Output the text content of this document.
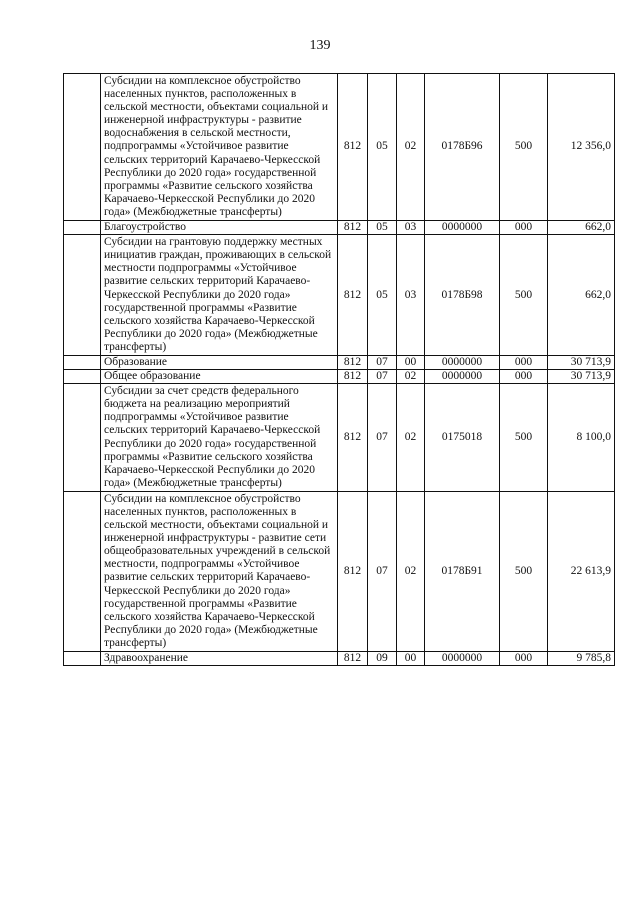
139
	Субсидии на комплексное обустройство населенных пунктов, расположенных в сельской местности, объектами социальной и инженерной инфраструктуры - развитие водоснабжения в сельской местности, подпрограммы «Устойчивое развитие сельских территорий Карачаево-Черкесской Республики до 2020 года» государственной программы «Развитие сельского хозяйства Карачаево-Черкесской Республики до 2020 года» (Межбюджетные трансферты)	812	05	02	0178Б96	500	12 356,0
	Благоустройство	812	05	03	0000000	000	662,0
	Субсидии на грантовую поддержку местных инициатив граждан, проживающих в сельской местности подпрограммы «Устойчивое развитие сельских территорий Карачаево-Черкесской Республики до 2020 года» государственной программы «Развитие сельского хозяйства Карачаево-Черкесской Республики до 2020 года» (Межбюджетные трансферты)	812	05	03	0178Б98	500	662,0
	Образование	812	07	00	0000000	000	30 713,9
	Общее образование	812	07	02	0000000	000	30 713,9
	Субсидии за счет средств федерального бюджета на реализацию мероприятий подпрограммы «Устойчивое развитие сельских территорий Карачаево-Черкесской Республики до 2020 года» государственной программы «Развитие сельского хозяйства Карачаево-Черкесской Республики до 2020 года» (Межбюджетные трансферты)	812	07	02	0175018	500	8 100,0
	Субсидии на комплексное обустройство населенных пунктов, расположенных в сельской местности, объектами социальной и инженерной инфраструктуры - развитие сети общеобразовательных учреждений в сельской местности, подпрограммы «Устойчивое развитие сельских территорий Карачаево-Черкесской Республики до 2020 года» государственной программы «Развитие сельского хозяйства Карачаево-Черкесской Республики до 2020 года» (Межбюджетные трансферты)	812	07	02	0178Б91	500	22 613,9
	Здравоохранение	812	09	00	0000000	000	9 785,8
